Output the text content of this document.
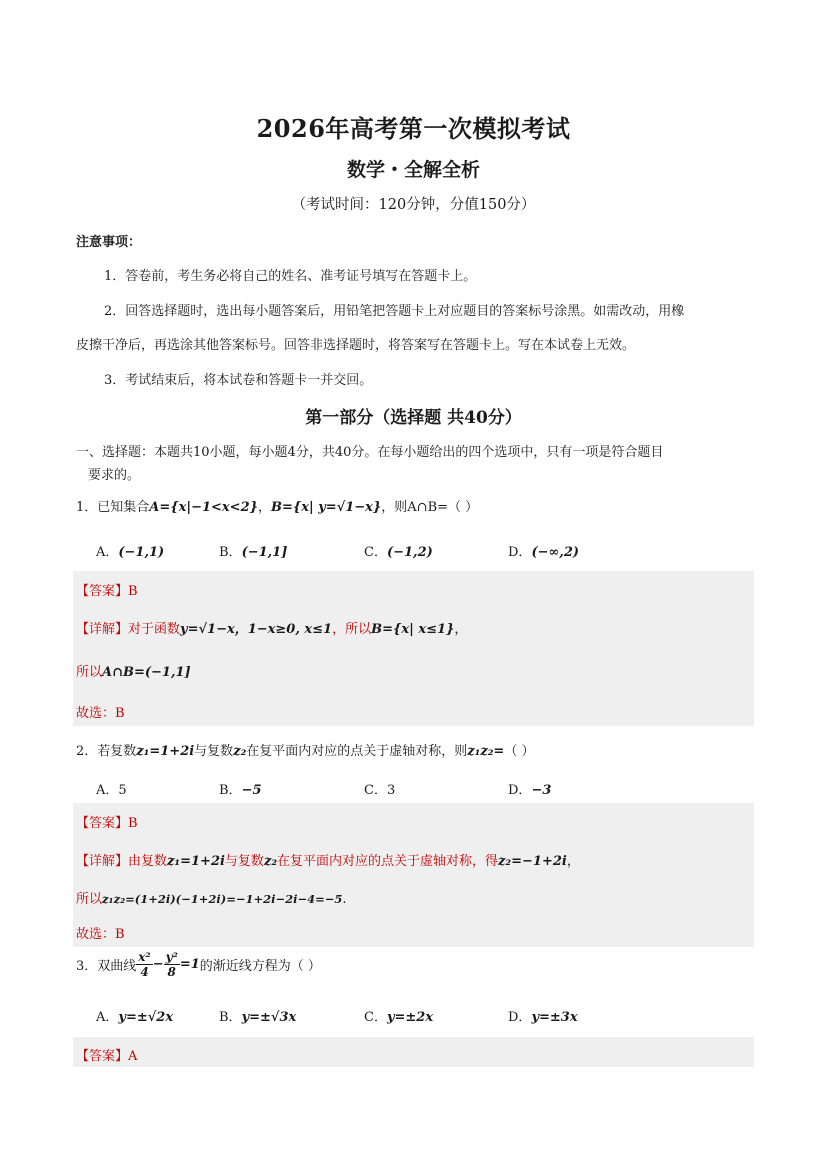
2026年高考第一次模拟考试
数学・全解全析
（考试时间：120分钟，分值150分）
注意事项：
1．答卷前，考生务必将自己的姓名、准考证号填写在答题卡上。
2．回答选择题时，选出每小题答案后，用铅笔把答题卡上对应题目的答案标号涂黑。如需改动，用橡
皮擦干净后，再选涂其他答案标号。回答非选择题时，将答案写在答题卡上。写在本试卷上无效。
3．考试结束后，将本试卷和答题卡一并交回。
第一部分（选择题 共40分）
一、选择题：本题共10小题，每小题4分，共40分。在每小题给出的四个选项中，只有一项是符合题目
要求的。
1．已知集合A={x|−1<x<2}，B={x| y=√1−x}，则A∩B=（ ）
A．(−1,1)	B．(−1,1]	C．(−1,2)	D．(−∞,2)
【答案】B
【详解】对于函数y=√1−x，1−x≥0, x≤1，所以B={x| x≤1}，
所以A∩B=(−1,1]
故选：B
2．若复数z₁=1+2i与复数z₂在复平面内对应的点关于虚轴对称，则z₁z₂=（ ）
A．5	B．−5	C．3	D．−3
【答案】B
【详解】由复数z₁=1+2i与复数z₂在复平面内对应的点关于虚轴对称，得z₂=−1+2i，
所以z₁z₂=(1+2i)(−1+2i)=−1+2i−2i−4=−5.
故选：B
3．双曲线 $\frac{\text{x²}}{4} - \frac{\text{y²}}{8} =1$的渐近线方程为（ ）
A．y=±√2x	B．y=±√3x	C．y=±2x	D．y=±3x
【答案】A
